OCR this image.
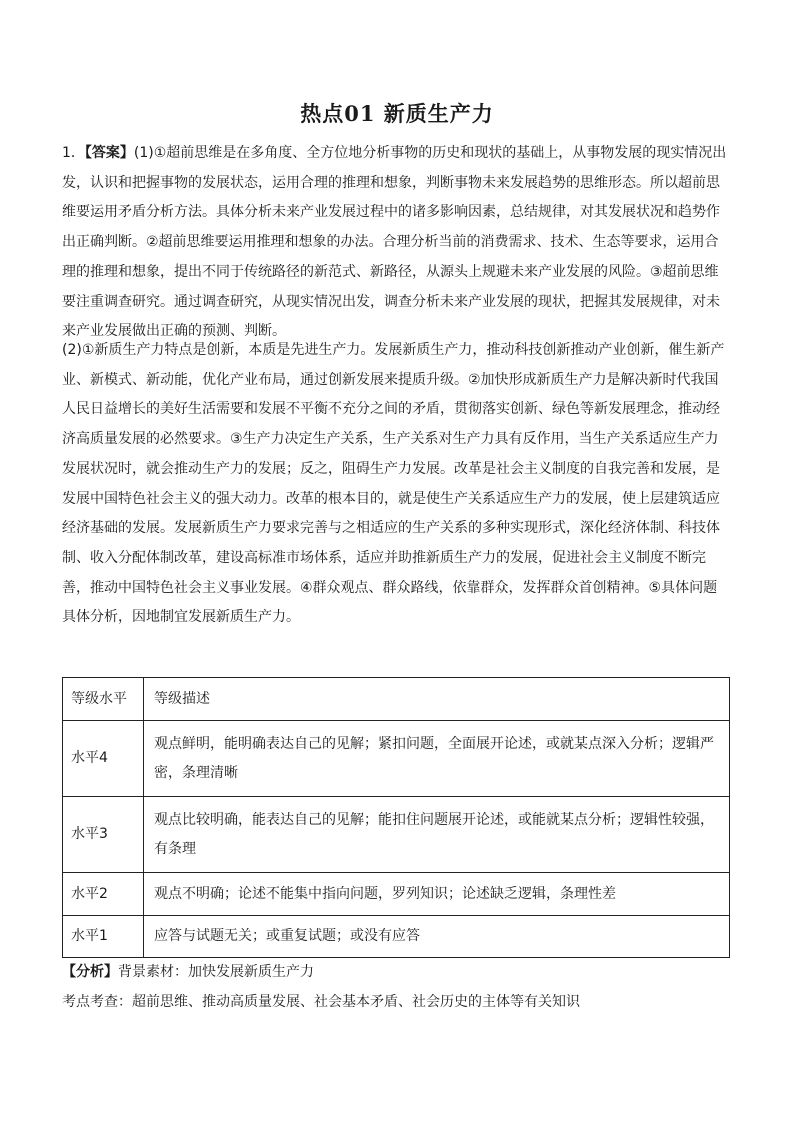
热点01 新质生产力

1．【答案】(1)①超前思维是在多角度、全方位地分析事物的历史和现状的基础上，从事物发展的现实情况出发，认识和把握事物的发展状态，运用合理的推理和想象，判断事物未来发展趋势的思维形态。所以超前思维要运用矛盾分析方法。具体分析未来产业发展过程中的诸多影响因素，总结规律，对其发展状况和趋势作出正确判断。②超前思维要运用推理和想象的办法。合理分析当前的消费需求、技术、生态等要求，运用合理的推理和想象，提出不同于传统路径的新范式、新路径，从源头上规避未来产业发展的风险。③超前思维要注重调查研究。通过调查研究，从现实情况出发，调查分析未来产业发展的现状，把握其发展规律，对未来产业发展做出正确的预测、判断。

(2)①新质生产力特点是创新，本质是先进生产力。发展新质生产力，推动科技创新推动产业创新，催生新产业、新模式、新动能，优化产业布局，通过创新发展来提质升级。②加快形成新质生产力是解决新时代我国人民日益增长的美好生活需要和发展不平衡不充分之间的矛盾，贯彻落实创新、绿色等新发展理念，推动经济高质量发展的必然要求。③生产力决定生产关系，生产关系对生产力具有反作用，当生产关系适应生产力发展状况时，就会推动生产力的发展；反之，阻碍生产力发展。改革是社会主义制度的自我完善和发展，是发展中国特色社会主义的强大动力。改革的根本目的，就是使生产关系适应生产力的发展，使上层建筑适应经济基础的发展。发展新质生产力要求完善与之相适应的生产关系的多种实现形式，深化经济体制、科技体制、收入分配体制改革，建设高标准市场体系，适应并助推新质生产力的发展，促进社会主义制度不断完善，推动中国特色社会主义事业发展。④群众观点、群众路线，依靠群众，发挥群众首创精神。⑤具体问题具体分析，因地制宜发展新质生产力。

等级水平	等级描述
水平4	观点鲜明，能明确表达自己的见解；紧扣问题，全面展开论述，或就某点深入分析；逻辑严密，条理清晰
水平3	观点比较明确，能表达自己的见解；能扣住问题展开论述，或能就某点分析；逻辑性较强，有条理
水平2	观点不明确；论述不能集中指向问题，罗列知识；论述缺乏逻辑，条理性差
水平1	应答与试题无关；或重复试题；或没有应答

【分析】背景素材：加快发展新质生产力

考点考查：超前思维、推动高质量发展、社会基本矛盾、社会历史的主体等有关知识
